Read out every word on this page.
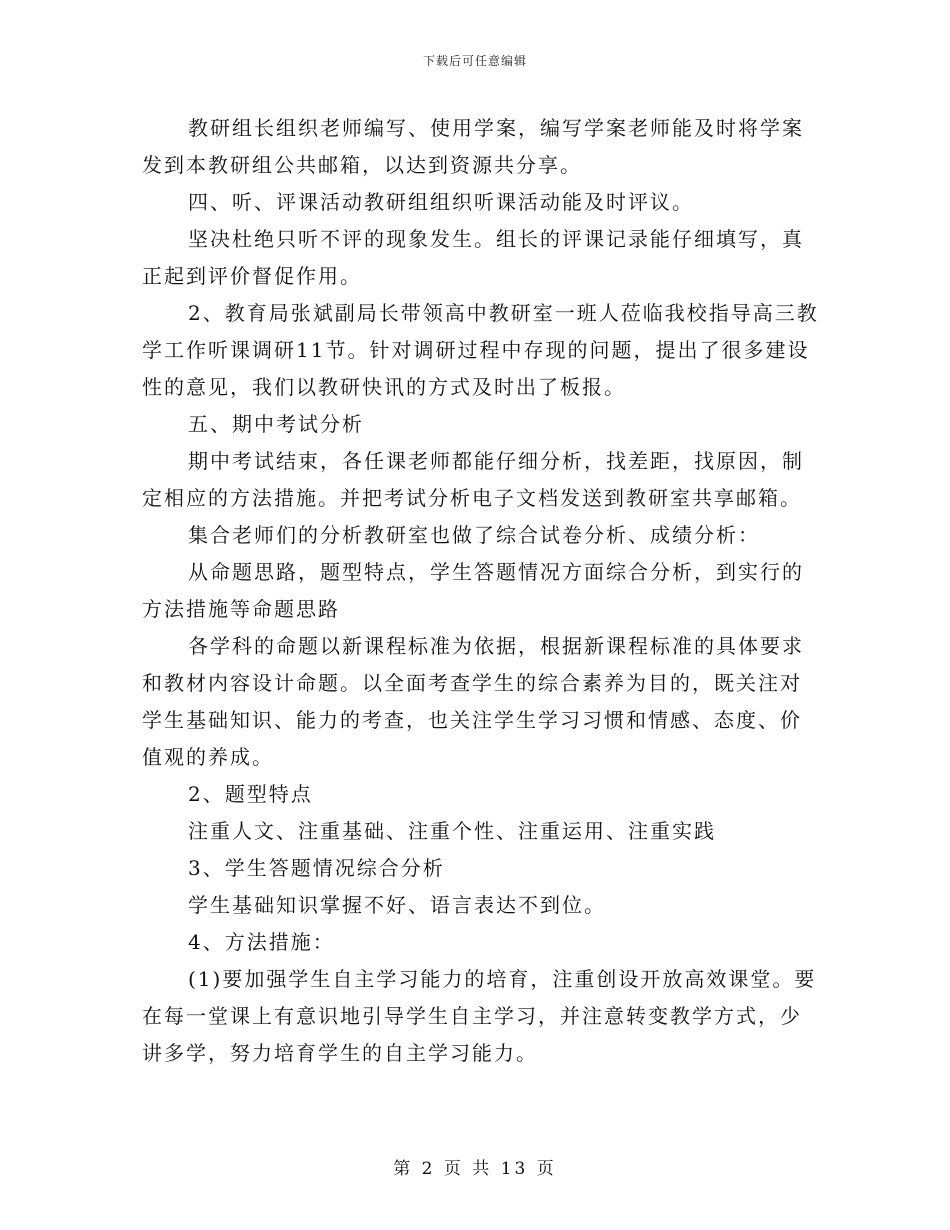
下载后可任意编辑
教研组长组织老师编写、使用学案，编写学案老师能及时将学案
发到本教研组公共邮箱，以达到资源共分享。
四、听、评课活动教研组组织听课活动能及时评议。
坚决杜绝只听不评的现象发生。组长的评课记录能仔细填写，真
正起到评价督促作用。
2、教育局张斌副局长带领高中教研室一班人莅临我校指导高三教
学工作听课调研11节。针对调研过程中存现的问题，提出了很多建设
性的意见，我们以教研快讯的方式及时出了板报。
五、期中考试分析
期中考试结束，各任课老师都能仔细分析，找差距，找原因，制
定相应的方法措施。并把考试分析电子文档发送到教研室共享邮箱。
集合老师们的分析教研室也做了综合试卷分析、成绩分析：
从命题思路，题型特点，学生答题情况方面综合分析，到实行的
方法措施等命题思路
各学科的命题以新课程标准为依据，根据新课程标准的具体要求
和教材内容设计命题。以全面考查学生的综合素养为目的，既关注对
学生基础知识、能力的考查，也关注学生学习习惯和情感、态度、价
值观的养成。
2、题型特点
注重人文、注重基础、注重个性、注重运用、注重实践
3、学生答题情况综合分析
学生基础知识掌握不好、语言表达不到位。
4、方法措施：
(1)要加强学生自主学习能力的培育，注重创设开放高效课堂。要
在每一堂课上有意识地引导学生自主学习，并注意转变教学方式，少
讲多学，努力培育学生的自主学习能力。
第 2 页 共 13 页
